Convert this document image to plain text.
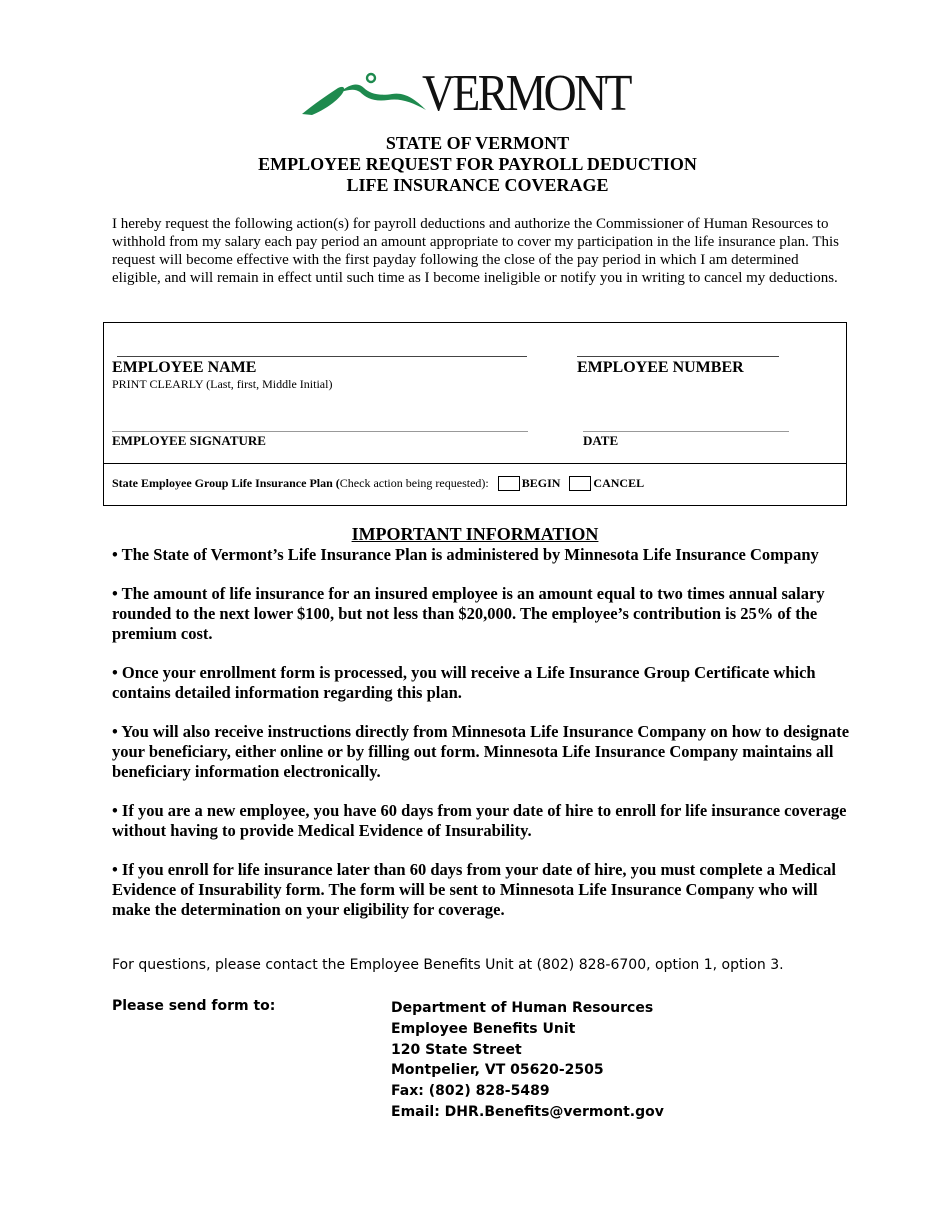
VERMONT
STATE OF VERMONT
EMPLOYEE REQUEST FOR PAYROLL DEDUCTION
LIFE INSURANCE COVERAGE
I hereby request the following action(s) for payroll deductions and authorize the Commissioner of Human Resources to withhold from my salary each pay period an amount appropriate to cover my participation in the life insurance plan. This request will become effective with the first payday following the close of the pay period in which I am determined eligible, and will remain in effect until such time as I become ineligible or notify you in writing to cancel my deductions.
EMPLOYEE NAME
PRINT CLEARLY (Last, first, Middle Initial)
EMPLOYEE NUMBER
EMPLOYEE SIGNATURE	DATE
State Employee Group Life Insurance Plan ( Check action being requested):	BEGIN	CANCEL
IMPORTANT INFORMATION

• The State of Vermont’s Life Insurance Plan is administered by Minnesota Life Insurance Company

• The amount of life insurance for an insured employee is an amount equal to two times annual salary rounded to the next lower $100, but not less than $20,000. The employee’s contribution is 25% of the premium cost.

• Once your enrollment form is processed, you will receive a Life Insurance Group Certificate which contains detailed information regarding this plan.

• You will also receive instructions directly from Minnesota Life Insurance Company on how to designate your beneficiary, either online or by filling out form. Minnesota Life Insurance Company maintains all beneficiary information electronically.

• If you are a new employee, you have 60 days from your date of hire to enroll for life insurance coverage without having to provide Medical Evidence of Insurability.

• If you enroll for life insurance later than 60 days from your date of hire, you must complete a Medical Evidence of Insurability form. The form will be sent to Minnesota Life Insurance Company who will make the determination on your eligibility for coverage.

For questions, please contact the Employee Benefits Unit at (802) 828-6700, option 1, option 3.
Please send form to:	Department of Human Resources
Employee Benefits Unit
120 State Street
Montpelier, VT 05620-2505
Fax: (802) 828-5489
Email: DHR.Benefits@vermont.gov
